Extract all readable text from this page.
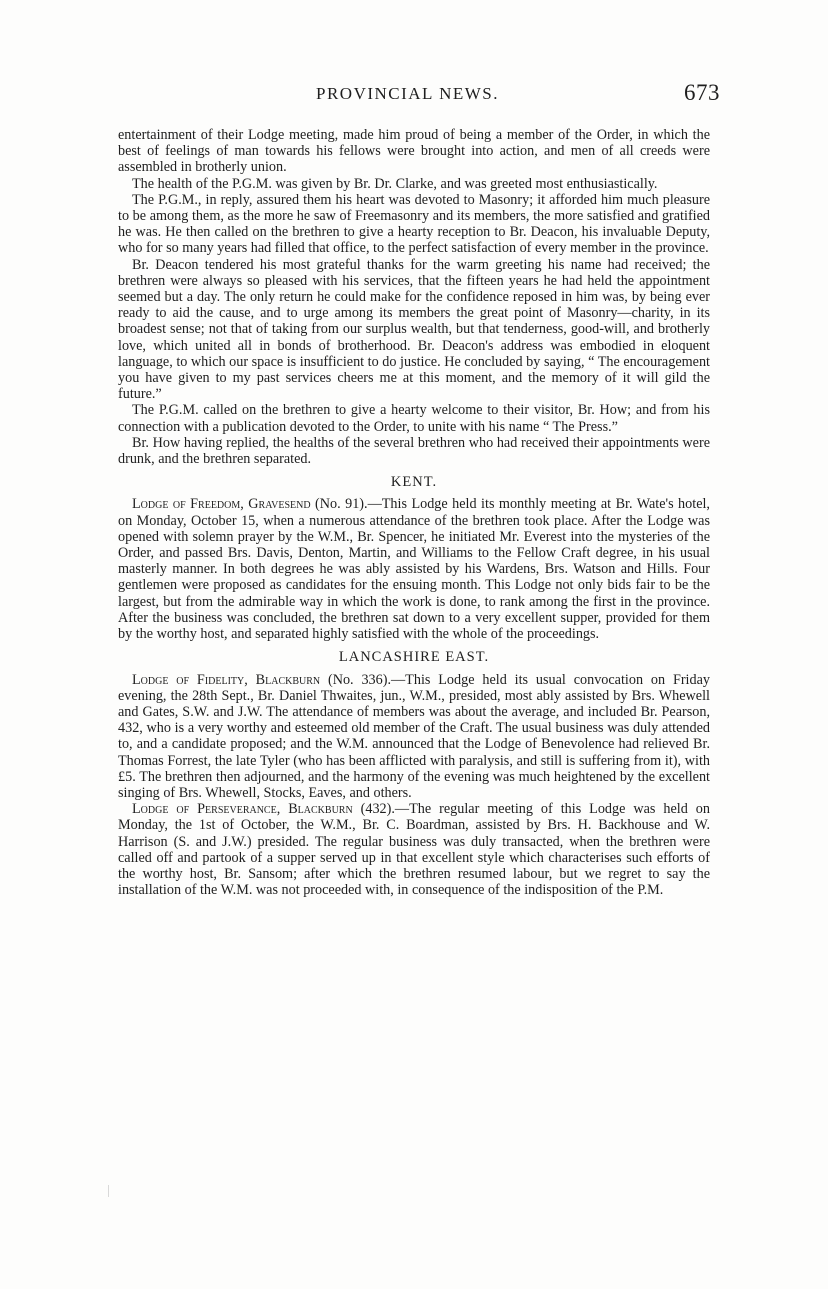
PROVINCIAL NEWS.	673

entertainment of their Lodge meeting, made him proud of being a member of the Order, in which the best of feelings of man towards his fellows were brought into action, and men of all creeds were assembled in brotherly union.

The health of the P.G.M. was given by Br. Dr. Clarke, and was greeted most enthusiastically.

The P.G.M., in reply, assured them his heart was devoted to Masonry; it afforded him much pleasure to be among them, as the more he saw of Freemasonry and its members, the more satisfied and gratified he was. He then called on the brethren to give a hearty reception to Br. Deacon, his invaluable Deputy, who for so many years had filled that office, to the perfect satisfaction of every member in the province.

Br. Deacon tendered his most grateful thanks for the warm greeting his name had received; the brethren were always so pleased with his services, that the fifteen years he had held the appointment seemed but a day. The only return he could make for the confidence reposed in him was, by being ever ready to aid the cause, and to urge among its members the great point of Masonry—charity, in its broadest sense; not that of taking from our surplus wealth, but that tenderness, good-will, and brotherly love, which united all in bonds of brotherhood. Br. Deacon's address was embodied in eloquent language, to which our space is insufficient to do justice. He concluded by saying, “ The encouragement you have given to my past services cheers me at this moment, and the memory of it will gild the future.”

The P.G.M. called on the brethren to give a hearty welcome to their visitor, Br. How; and from his connection with a publication devoted to the Order, to unite with his name “ The Press.”

Br. How having replied, the healths of the several brethren who had received their appointments were drunk, and the brethren separated.

KENT.

Lodge of Freedom, Gravesend (No. 91).—This Lodge held its monthly meeting at Br. Wate's hotel, on Monday, October 15, when a numerous attendance of the brethren took place. After the Lodge was opened with solemn prayer by the W.M., Br. Spencer, he initiated Mr. Everest into the mysteries of the Order, and passed Brs. Davis, Denton, Martin, and Williams to the Fellow Craft degree, in his usual masterly manner. In both degrees he was ably assisted by his Wardens, Brs. Watson and Hills. Four gentlemen were proposed as candidates for the ensuing month. This Lodge not only bids fair to be the largest, but from the admirable way in which the work is done, to rank among the first in the province. After the business was concluded, the brethren sat down to a very excellent supper, provided for them by the worthy host, and separated highly satisfied with the whole of the proceedings.

LANCASHIRE EAST.

Lodge of Fidelity, Blackburn (No. 336).—This Lodge held its usual convocation on Friday evening, the 28th Sept., Br. Daniel Thwaites, jun., W.M., presided, most ably assisted by Brs. Whewell and Gates, S.W. and J.W. The attendance of members was about the average, and included Br. Pearson, 432, who is a very worthy and esteemed old member of the Craft. The usual business was duly attended to, and a candidate proposed; and the W.M. announced that the Lodge of Benevolence had relieved Br. Thomas Forrest, the late Tyler (who has been afflicted with paralysis, and still is suffering from it), with £5. The brethren then adjourned, and the harmony of the evening was much heightened by the excellent singing of Brs. Whewell, Stocks, Eaves, and others.

Lodge of Perseverance, Blackburn (432).—The regular meeting of this Lodge was held on Monday, the 1st of October, the W.M., Br. C. Boardman, assisted by Brs. H. Backhouse and W. Harrison (S. and J.W.) presided. The regular business was duly transacted, when the brethren were called off and partook of a supper served up in that excellent style which characterises such efforts of the worthy host, Br. Sansom; after which the brethren resumed labour, but we regret to say the installation of the W.M. was not proceeded with, in consequence of the indisposition of the P.M.
